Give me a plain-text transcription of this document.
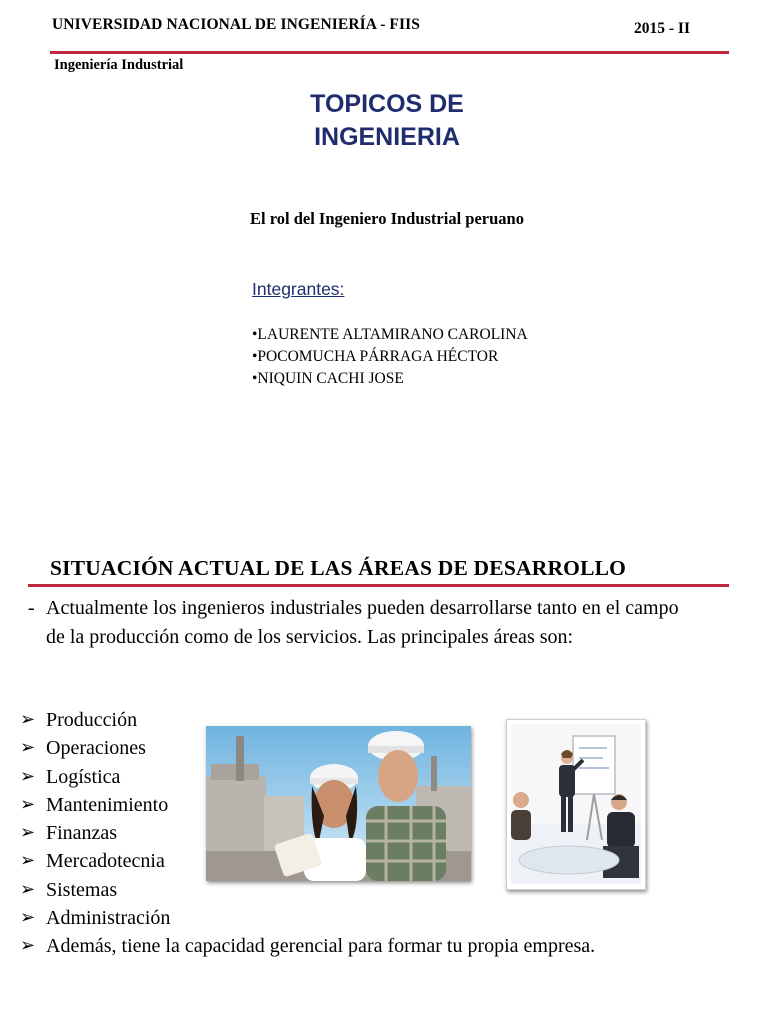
UNIVERSIDAD NACIONAL DE INGENIERÍA - FIIS	2015 - II
Ingeniería Industrial
TOPICOS DE
INGENIERIA
El rol del Ingeniero Industrial peruano
Integrantes:
•LAURENTE ALTAMIRANO CAROLINA
•POCOMUCHA PÁRRAGA HÉCTOR
•NIQUIN CACHI JOSE
SITUACIÓN ACTUAL DE LAS ÁREAS DE DESARROLLO
- Actualmente los ingenieros industriales pueden desarrollarse tanto en el campo de la producción como de los servicios. Las principales áreas son:
➢ Producción
➢ Operaciones
➢ Logística
➢ Mantenimiento
➢ Finanzas
➢ Mercadotecnia
➢ Sistemas
➢ Administración
➢ Además, tiene la capacidad gerencial para formar tu propia empresa.
